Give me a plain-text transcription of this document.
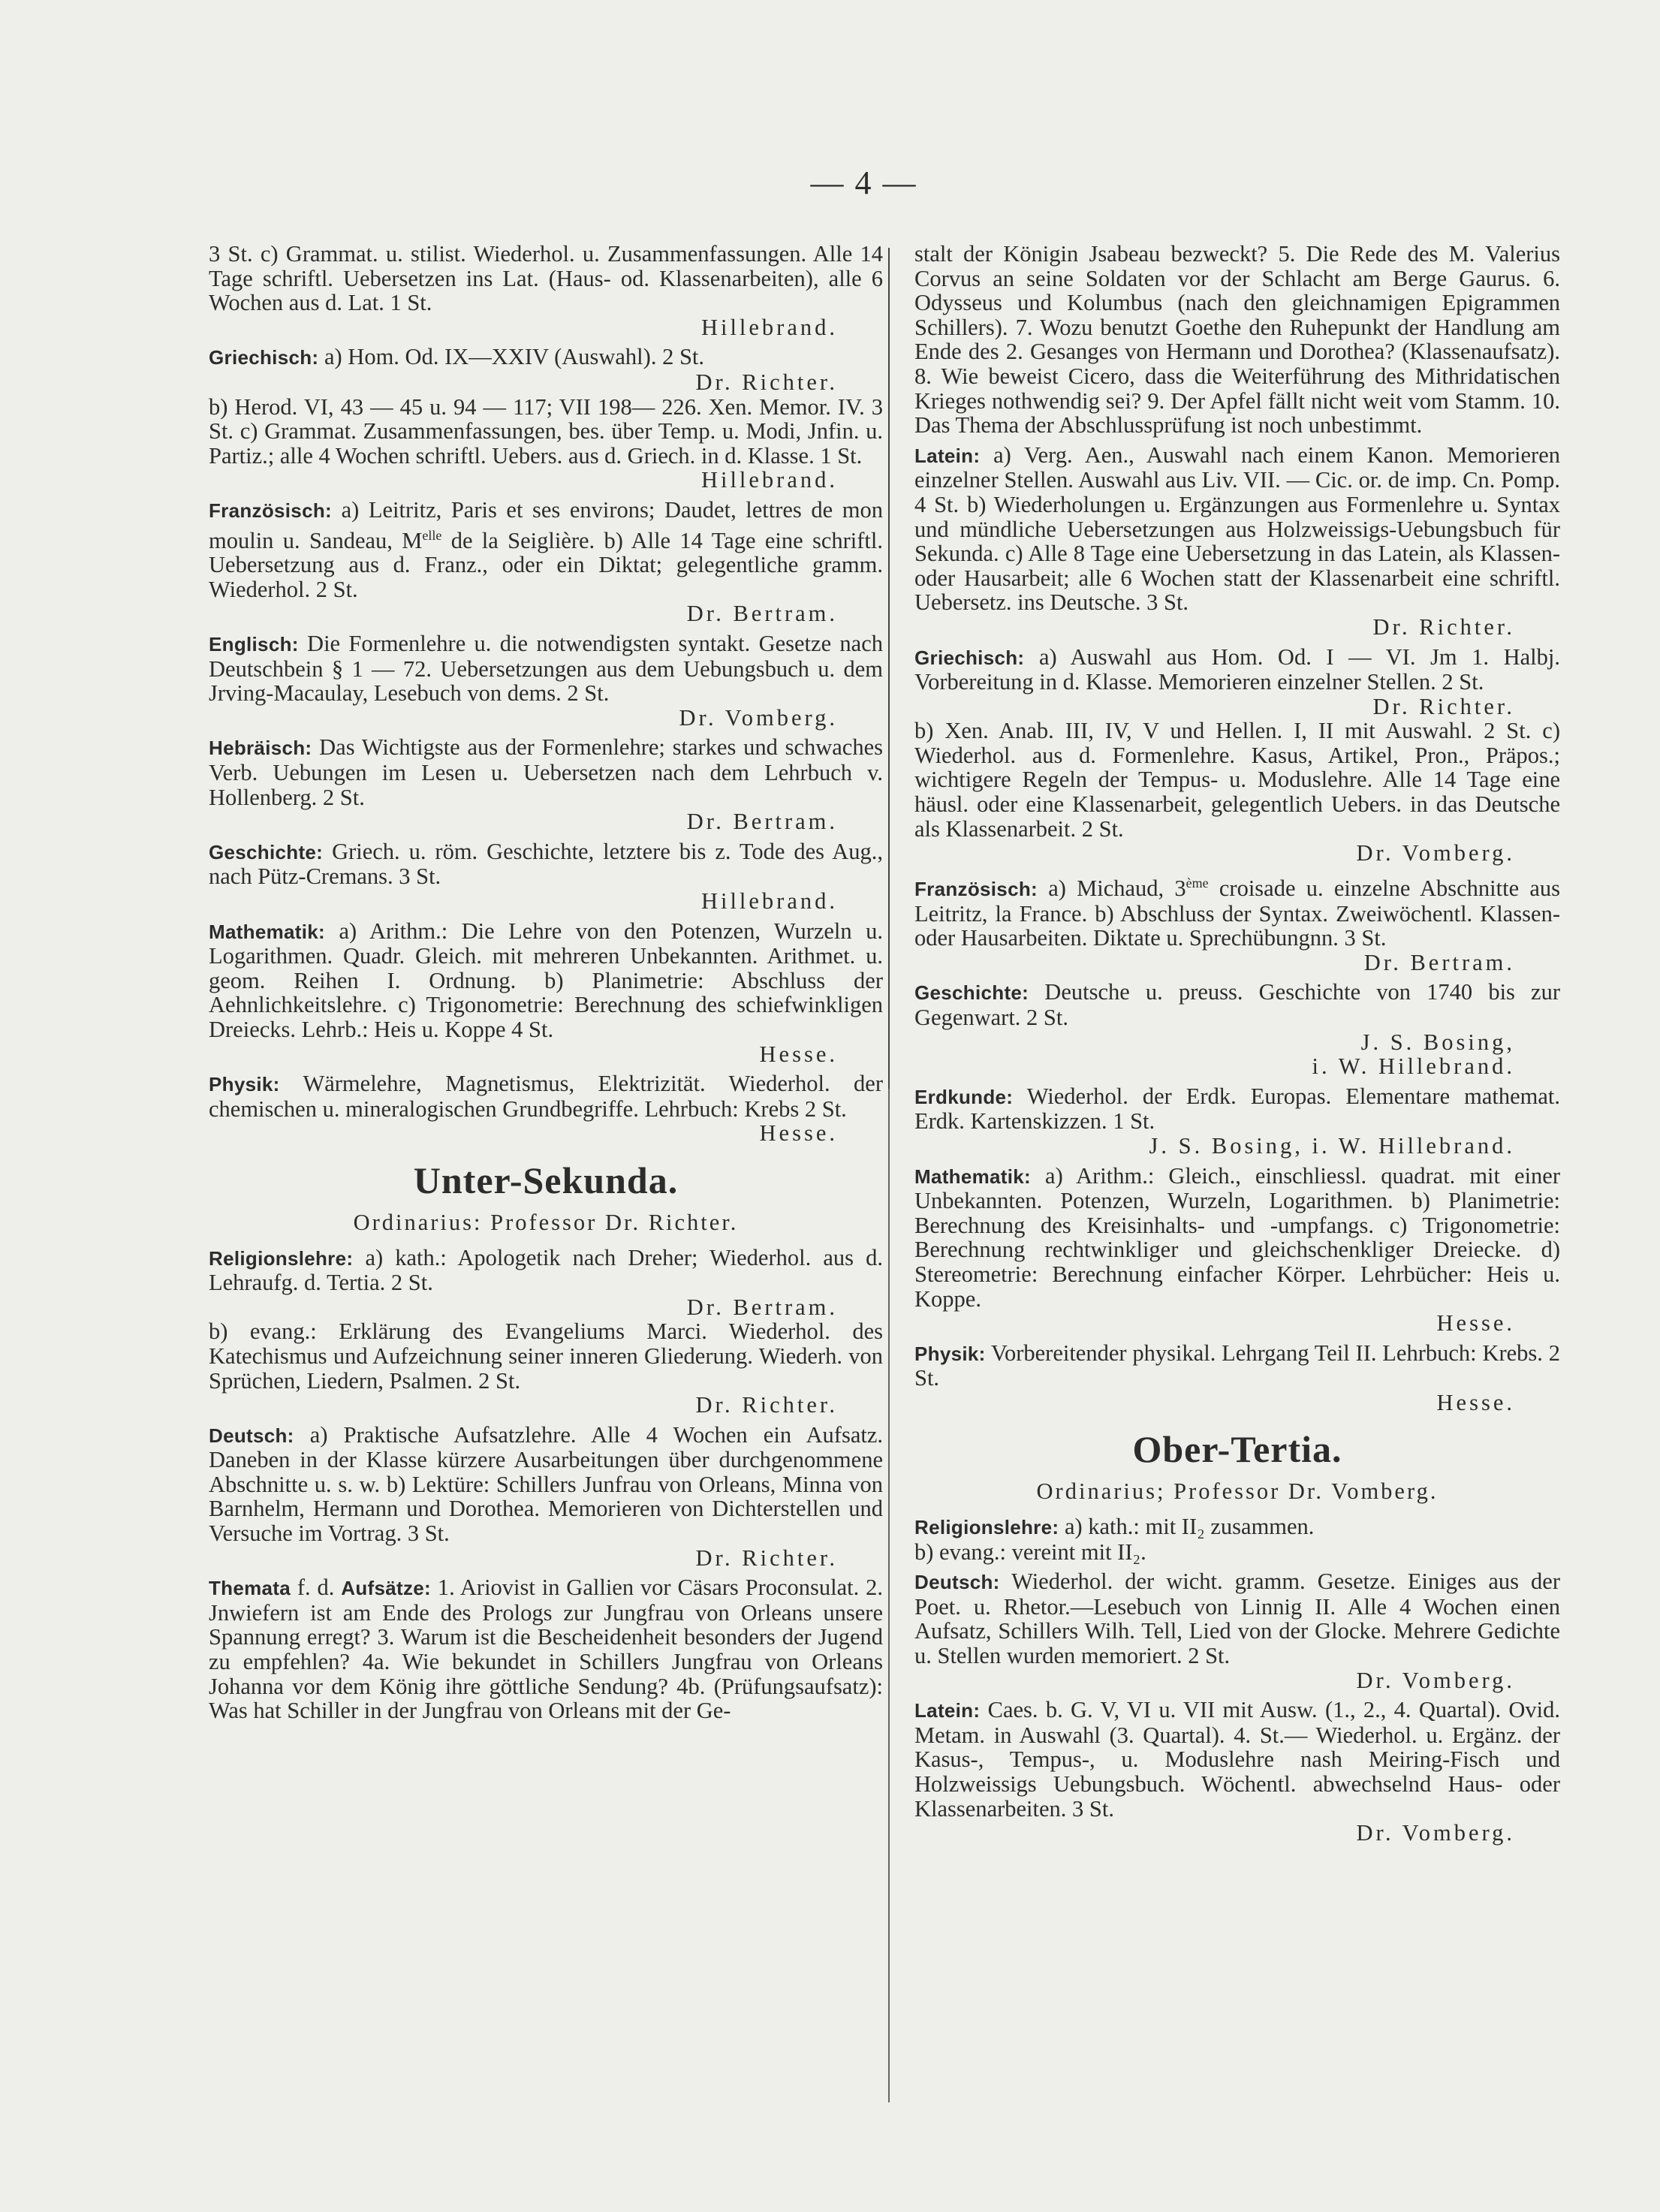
— 4 —

3 St. c) Grammat. u. stilist. Wiederhol. u. Zusammenfassungen. Alle 14 Tage schriftl. Uebersetzen ins Lat. (Haus- od. Klassenarbeiten), alle 6 Wochen aus d. Lat. 1 St.
Hillebrand.

Griechisch: a) Hom. Od. IX—XXIV (Auswahl). 2 St.
Dr. Richter.
b) Herod. VI, 43 — 45 u. 94 — 117; VII 198— 226. Xen. Memor. IV. 3 St. c) Grammat. Zusammenfassungen, bes. über Temp. u. Modi, Jnfin. u. Partiz.; alle 4 Wochen schriftl. Uebers. aus d. Griech. in d. Klasse. 1 St.
Hillebrand.

Französisch: a) Leitritz, Paris et ses environs; Daudet, lettres de mon moulin u. Sandeau, $M^{elle}$ de la Seiglière. b) Alle 14 Tage eine schriftl. Uebersetzung aus d. Franz., oder ein Diktat; gelegentliche gramm. Wiederhol. 2 St.
Dr. Bertram.

Englisch: Die Formenlehre u. die notwendigsten syntakt. Gesetze nach Deutschbein § 1 — 72. Uebersetzungen aus dem Uebungsbuch u. dem Jrving-Macaulay, Lesebuch von dems. 2 St.
Dr. Vomberg.

Hebräisch: Das Wichtigste aus der Formenlehre; starkes und schwaches Verb. Uebungen im Lesen u. Uebersetzen nach dem Lehrbuch v. Hollenberg. 2 St.
Dr. Bertram.

Geschichte: Griech. u. röm. Geschichte, letztere bis z. Tode des Aug., nach Pütz-Cremans. 3 St.
Hillebrand.

Mathematik: a) Arithm.: Die Lehre von den Potenzen, Wurzeln u. Logarithmen. Quadr. Gleich. mit mehreren Unbekannten. Arithmet. u. geom. Reihen I. Ordnung. b) Planimetrie: Abschluss der Aehnlichkeitslehre. c) Trigonometrie: Berechnung des schiefwinkligen Dreiecks. Lehrb.: Heis u. Koppe 4 St.
Hesse.

Physik: Wärmelehre, Magnetismus, Elektrizität. Wiederhol. der chemischen u. mineralogischen Grundbegriffe. Lehrbuch: Krebs 2 St.
Hesse.

Unter-Sekunda.
Ordinarius: Professor Dr. Richter.

Religionslehre: a) kath.: Apologetik nach Dreher; Wiederhol. aus d. Lehraufg. d. Tertia. 2 St.
Dr. Bertram.
b) evang.: Erklärung des Evangeliums Marci. Wiederhol. des Katechismus und Aufzeichnung seiner inneren Gliederung. Wiederh. von Sprüchen, Liedern, Psalmen. 2 St.
Dr. Richter.

Deutsch: a) Praktische Aufsatzlehre. Alle 4 Wochen ein Aufsatz. Daneben in der Klasse kürzere Ausarbeitungen über durchgenommene Abschnitte u. s. w. b) Lektüre: Schillers Junfrau von Orleans, Minna von Barnhelm, Hermann und Dorothea. Memorieren von Dichterstellen und Versuche im Vortrag. 3 St.
Dr. Richter.

Themata f. d. Aufsätze: 1. Ariovist in Gallien vor Cäsars Proconsulat. 2. Jnwiefern ist am Ende des Prologs zur Jungfrau von Orleans unsere Spannung erregt? 3. Warum ist die Bescheidenheit besonders der Jugend zu empfehlen? 4a. Wie bekundet in Schillers Jungfrau von Orleans Johanna vor dem König ihre göttliche Sendung? 4b. (Prüfungsaufsatz): Was hat Schiller in der Jungfrau von Orleans mit der Ge-

stalt der Königin Jsabeau bezweckt? 5. Die Rede des M. Valerius Corvus an seine Soldaten vor der Schlacht am Berge Gaurus. 6. Odysseus und Kolumbus (nach den gleichnamigen Epigrammen Schillers). 7. Wozu benutzt Goethe den Ruhepunkt der Handlung am Ende des 2. Gesanges von Hermann und Dorothea? (Klassenaufsatz). 8. Wie beweist Cicero, dass die Weiterführung des Mithridatischen Krieges nothwendig sei? 9. Der Apfel fällt nicht weit vom Stamm. 10. Das Thema der Abschlussprüfung ist noch unbestimmt.

Latein: a) Verg. Aen., Auswahl nach einem Kanon. Memorieren einzelner Stellen. Auswahl aus Liv. VII. — Cic. or. de imp. Cn. Pomp. 4 St. b) Wiederholungen u. Ergänzungen aus Formenlehre u. Syntax und mündliche Uebersetzungen aus Holzweissigs-Uebungsbuch für Sekunda. c) Alle 8 Tage eine Uebersetzung in das Latein, als Klassen- oder Hausarbeit; alle 6 Wochen statt der Klassenarbeit eine schriftl. Uebersetz. ins Deutsche. 3 St.
Dr. Richter.

Griechisch: a) Auswahl aus Hom. Od. I — VI. Jm 1. Halbj. Vorbereitung in d. Klasse. Memorieren einzelner Stellen. 2 St.
Dr. Richter.
b) Xen. Anab. III, IV, V und Hellen. I, II mit Auswahl. 2 St. c) Wiederhol. aus d. Formenlehre. Kasus, Artikel, Pron., Präpos.; wichtigere Regeln der Tempus- u. Moduslehre. Alle 14 Tage eine häusl. oder eine Klassenarbeit, gelegentlich Uebers. in das Deutsche als Klassenarbeit. 2 St.
Dr. Vomberg.

Französisch: a) Michaud, 3ème croisade u. einzelne Abschnitte aus Leitritz, la France. b) Abschluss der Syntax. Zweiwöchentl. Klassen- oder Hausarbeiten. Diktate u. Sprechübungnn. 3 St.
Dr. Bertram.

Geschichte: Deutsche u. preuss. Geschichte von 1740 bis zur Gegenwart. 2 St.
J. S. Bosing,
i. W. Hillebrand.

Erdkunde: Wiederhol. der Erdk. Europas. Elementare mathemat. Erdk. Kartenskizzen. 1 St.
J. S. Bosing, i. W. Hillebrand.

Mathematik: a) Arithm.: Gleich., einschliessl. quadrat. mit einer Unbekannten. Potenzen, Wurzeln, Logarithmen. b) Planimetrie: Berechnung des Kreisinhalts- und -umpfangs. c) Trigonometrie: Berechnung rechtwinkliger und gleichschenkliger Dreiecke. d) Stereometrie: Berechnung einfacher Körper. Lehrbücher: Heis u. Koppe.
Hesse.

Physik: Vorbereitender physikal. Lehrgang Teil II. Lehrbuch: Krebs. 2 St.
Hesse.

Ober-Tertia.
Ordinarius; Professor Dr. Vomberg.

Religionslehre: a) kath.: mit II₂ zusammen.
b) evang.: vereint mit II₂.

Deutsch: Wiederhol. der wicht. gramm. Gesetze. Einiges aus der Poet. u. Rhetor.—Lesebuch von Linnig II. Alle 4 Wochen einen Aufsatz, Schillers Wilh. Tell, Lied von der Glocke. Mehrere Gedichte u. Stellen wurden memoriert. 2 St.
Dr. Vomberg.

Latein: Caes. b. G. V, VI u. VII mit Ausw. (1., 2., 4. Quartal). Ovid. Metam. in Auswahl (3. Quartal). 4. St.— Wiederhol. u. Ergänz. der Kasus-, Tempus-, u. Moduslehre nash Meiring-Fisch und Holzweissigs Uebungsbuch. Wöchentl. abwechselnd Haus- oder Klassenarbeiten. 3 St.
Dr. Vomberg.
